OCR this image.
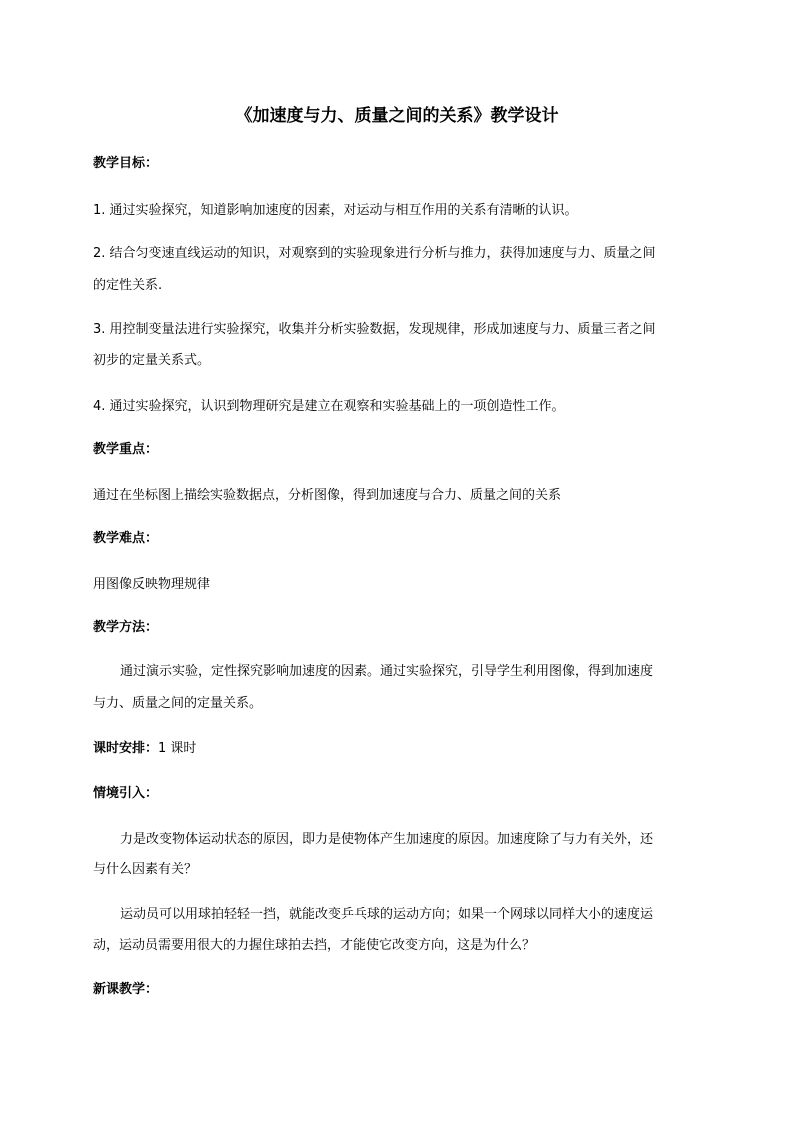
《加速度与力、质量之间的关系》教学设计
教学目标：
1. 通过实验探究，知道影响加速度的因素，对运动与相互作用的关系有清晰的认识。
2. 结合匀变速直线运动的知识，对观察到的实验现象进行分析与推力，获得加速度与力、质量之间
的定性关系.
3. 用控制变量法进行实验探究，收集并分析实验数据，发现规律，形成加速度与力、质量三者之间
初步的定量关系式。
4. 通过实验探究，认识到物理研究是建立在观察和实验基础上的一项创造性工作。
教学重点：
通过在坐标图上描绘实验数据点，分析图像，得到加速度与合力、质量之间的关系
教学难点：
用图像反映物理规律
教学方法：
通过演示实验，定性探究影响加速度的因素。通过实验探究，引导学生利用图像，得到加速度
与力、质量之间的定量关系。
课时安排：1 课时
情境引入：
力是改变物体运动状态的原因，即力是使物体产生加速度的原因。加速度除了与力有关外，还
与什么因素有关？
运动员可以用球拍轻轻一挡，就能改变乒乓球的运动方向；如果一个网球以同样大小的速度运
动，运动员需要用很大的力握住球拍去挡，才能使它改变方向，这是为什么？
新课教学：
